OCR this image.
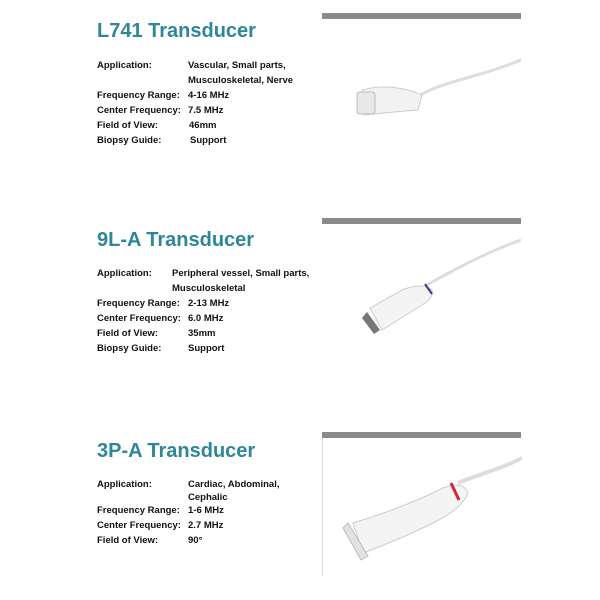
L741 Transducer
Application:	Vascular, Small parts,
Musculoskeletal, Nerve
Frequency Range: 4-16 MHz
Center Frequency: 7.5 MHz
Field of View:	46mm
Biopsy Guide:	Support
9L-A Transducer
Application: Peripheral vessel, Small parts,
Musculoskeletal
Frequency Range: 2-13 MHz
Center Frequency: 6.0 MHz
Field of View:	35mm
Biopsy Guide:	Support
3P-A Transducer
Application:	Cardiac, Abdominal,
Cephalic
Frequency Range: 1-6 MHz
Center Frequency: 2.7 MHz
Field of View:	90°
